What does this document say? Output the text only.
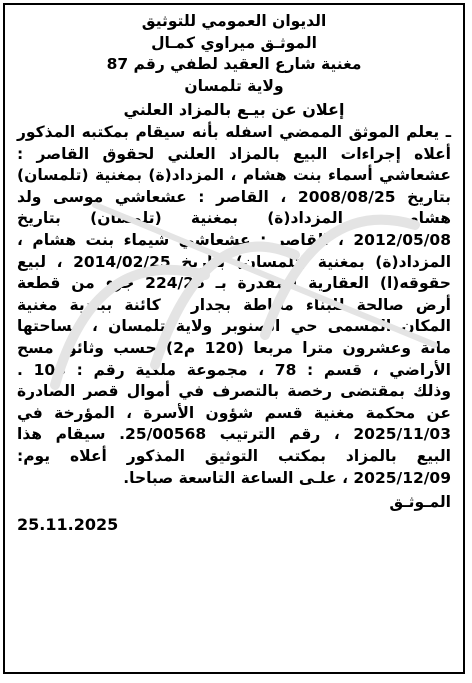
الديوان العمومي للتوثيق
الموثـق ميراوي كمـال
مغنية شارع العقيد لطفي رقم 87
ولاية تلمسان
إعلان عن بيـع بالمزاد العلني
ـ يعلم الموثق الممضي اسفله بأنه سيقام بمكتبه المذكور
أعلاه إجراءات البيع بالمزاد العلني لحقوق القاصر :
عشعاشي أسماء بنت هشام ، المزداد(ة) بمغنية (تلمسان)
بتاريخ 2008/08/25 ، القاصر : عشعاشي موسى ولد
هشام ، المزداد(ة) بمغنية (تلمسان) بتاريخ
2012/05/08 ، القاصر : عشعاشي شيماء بنت هشام ،
المزداد(ة) بمغنية (تلمسان) بتاريخ 2014/02/25 ، لبيع
حقوقه(ا) العقارية المقدرة بـ 224/28 جزء من قطعة
أرض صالحة للبناء محاطة بجدار ، كائنة ببلدية مغنية
المكان المسمى حي الصنوبر ولاية تلمسان ، مساحتها
مائة وعشرون مترا مربعا (120 م2) حسب وثائق مسح
الأراضي ، قسم : 78 ، مجموعة ملكية رقم : 103 .
وذلك بمقتضى رخصة بالتصرف في أموال قصر الصادرة
عن محكمة مغنية قسم شؤون الأسرة ، المؤرخة في
2025/11/03 ، رقم الترتيب 25/00568. سيقام هذا
البيع بالمزاد بمكتب التوثيق المذكور أعلاه يوم:
2025/12/09 ، علـى الساعة التاسعة صباحا.
المـوثـق
25.11.2025
